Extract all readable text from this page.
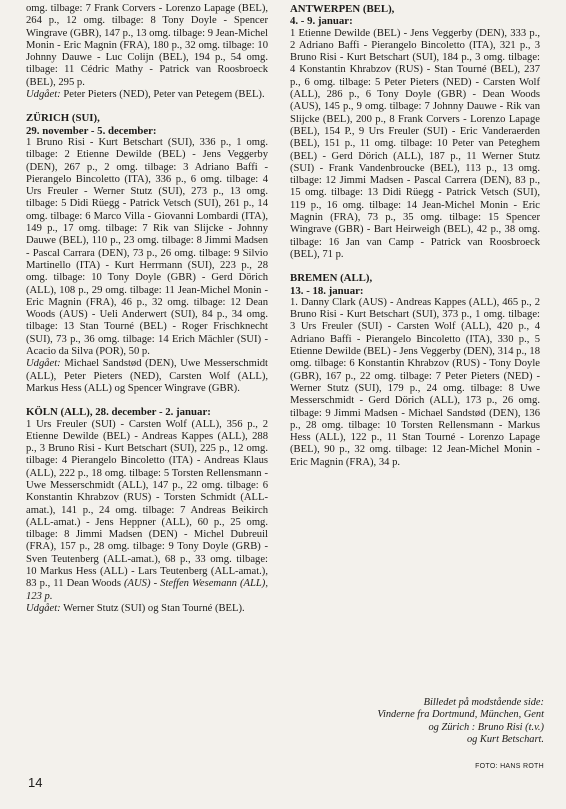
omg. tilbage: 7 Frank Corvers - Lorenzo Lapage (BEL), 264 p., 12 omg. tilbage: 8 Tony Doyle - Spencer Wingrave (GBR), 147 p., 13 omg. tilbage: 9 Jean-Michel Monin - Eric Magnin (FRA), 180 p., 32 omg. tilbage: 10 Johnny Dauwe - Luc Colijn (BEL), 194 p., 54 omg. tilbage: 11 Cédric Mathy - Patrick van Roosbroeck (BEL), 295 p.

Udgået: Peter Pieters (NED), Peter van Petegem (BEL).

ZÜRICH (SUI),
29. november - 5. december:

1 Bruno Risi - Kurt Betschart (SUI), 336 p., 1 omg. tilbage: 2 Etienne Dewilde (BEL) - Jens Veggerby (DEN), 267 p., 2 omg. tilbage: 3 Adriano Baffi - Pierangelo Bincoletto (ITA), 336 p., 6 omg. tilbage: 4 Urs Freuler - Werner Stutz (SUI), 273 p., 13 omg. tilbage: 5 Didi Rüegg - Patrick Vetsch (SUI), 261 p., 14 omg. tilbage: 6 Marco Villa - Giovanni Lombardi (ITA), 149 p., 17 omg. tilbage: 7 Rik van Slijcke - Johnny Dauwe (BEL), 110 p., 23 omg. tilbage: 8 Jimmi Madsen - Pascal Carrara (DEN), 73 p., 26 omg. tilbage: 9 Silvio Martinello (ITA) - Kurt Herrmann (SUI), 223 p., 28 omg. tilbage: 10 Tony Doyle (GBR) - Gerd Dörich (ALL), 108 p., 29 omg. tilbage: 11 Jean-Michel Monin - Eric Magnin (FRA), 46 p., 32 omg. tilbage: 12 Dean Woods (AUS) - Ueli Anderwert (SUI), 84 p., 34 omg. tilbage: 13 Stan Tourné (BEL) - Roger Frischknecht (SUI), 73 p., 36 omg. tilbage: 14 Erich Mächler (SUI) - Acacio da Silva (POR), 50 p.

Udgået: Michael Sandstød (DEN), Uwe Messerschmidt (ALL), Peter Pieters (NED), Carsten Wolf (ALL), Markus Hess (ALL) og Spencer Wingrave (GBR).

KÖLN (ALL), 28. december - 2. januar:

1 Urs Freuler (SUI) - Carsten Wolf (ALL), 356 p., 2 Etienne Dewilde (BEL) - Andreas Kappes (ALL), 288 p., 3 Bruno Risi - Kurt Betschart (SUI), 225 p., 12 omg. tilbage: 4 Pierangelo Bincoletto (ITA) - Andreas Klaus (ALL), 222 p., 18 omg. tilbage: 5 Torsten Rellensmann - Uwe Messerschmidt (ALL), 147 p., 22 omg. tilbage: 6 Konstantin Khrabzov (RUS) - Torsten Schmidt (ALL-amat.), 141 p., 24 omg. tilbage: 7 Andreas Beikirch (ALL-amat.) - Jens Heppner (ALL), 60 p., 25 omg. tilbage: 8 Jimmi Madsen (DEN) - Michel Dubreuil (FRA), 157 p., 28 omg. tilbage: 9 Tony Doyle (GRB) - Sven Teutenberg (ALL-amat.), 68 p., 33 omg. tilbage: 10 Markus Hess (ALL) - Lars Teutenberg (ALL-amat.), 83 p., 11 Dean Woods (AUS) - Steffen Wesemann (ALL), 123 p.

Udgået: Werner Stutz (SUI) og Stan Tourné (BEL).

ANTWERPEN (BEL),
4. - 9. januar:

1 Etienne Dewilde (BEL) - Jens Veggerby (DEN), 333 p., 2 Adriano Baffi - Pierangelo Bincoletto (ITA), 321 p., 3 Bruno Risi - Kurt Betschart (SUI), 184 p., 3 omg. tilbage: 4 Konstantin Khrabzov (RUS) - Stan Tourné (BEL), 237 p., 6 omg. tilbage: 5 Peter Pieters (NED) - Carsten Wolf (ALL), 286 p., 6 Tony Doyle (GBR) - Dean Woods (AUS), 145 p., 9 omg. tilbage: 7 Johnny Dauwe - Rik van Slijcke (BEL), 200 p., 8 Frank Corvers - Lorenzo Lapage (BEL), 154 P., 9 Urs Freuler (SUI) - Eric Vanderaerden (BEL), 151 p., 11 omg. tilbage: 10 Peter van Peteghem (BEL) - Gerd Dörich (ALL), 187 p., 11 Werner Stutz (SUI) - Frank Vandenbroucke (BEL), 113 p., 13 omg. tilbage: 12 Jimmi Madsen - Pascal Carrera (DEN), 83 p., 15 omg. tilbage: 13 Didi Rüegg - Patrick Vetsch (SUI), 119 p., 16 omg. tilbage: 14 Jean-Michel Monin - Eric Magnin (FRA), 73 p., 35 omg. tilbage: 15 Spencer Wingrave (GBR) - Bart Heirweigh (BEL), 42 p., 38 omg. tilbage: 16 Jan van Camp - Patrick van Roosbroeck (BEL), 71 p.

BREMEN (ALL),
13. - 18. januar:

1. Danny Clark (AUS) - Andreas Kappes (ALL), 465 p., 2 Bruno Risi - Kurt Betschart (SUI), 373 p., 1 omg. tilbage: 3 Urs Freuler (SUI) - Carsten Wolf (ALL), 420 p., 4 Adriano Baffi - Pierangelo Bincoletto (ITA), 330 p., 5 Etienne Dewilde (BEL) - Jens Veggerby (DEN), 314 p., 18 omg. tilbage: 6 Konstantin Khrabzov (RUS) - Tony Doyle (GBR), 167 p., 22 omg. tilbage: 7 Peter Pieters (NED) - Werner Stutz (SUI), 179 p., 24 omg. tilbage: 8 Uwe Messerschmidt - Gerd Dörich (ALL), 173 p., 26 omg. tilbage: 9 Jimmi Madsen - Michael Sandstød (DEN), 136 p., 28 omg. tilbage: 10 Torsten Rellensmann - Markus Hess (ALL), 122 p., 11 Stan Tourné - Lorenzo Lapage (BEL), 90 p., 32 omg. tilbage: 12 Jean-Michel Monin - Eric Magnin (FRA), 34 p.

Billedet på modstående side:

Vinderne fra Dortmund, München, Gent

og Zürich : Bruno Risi (t.v.)

og Kurt Betschart.

FOTO: HANS ROTH
14
